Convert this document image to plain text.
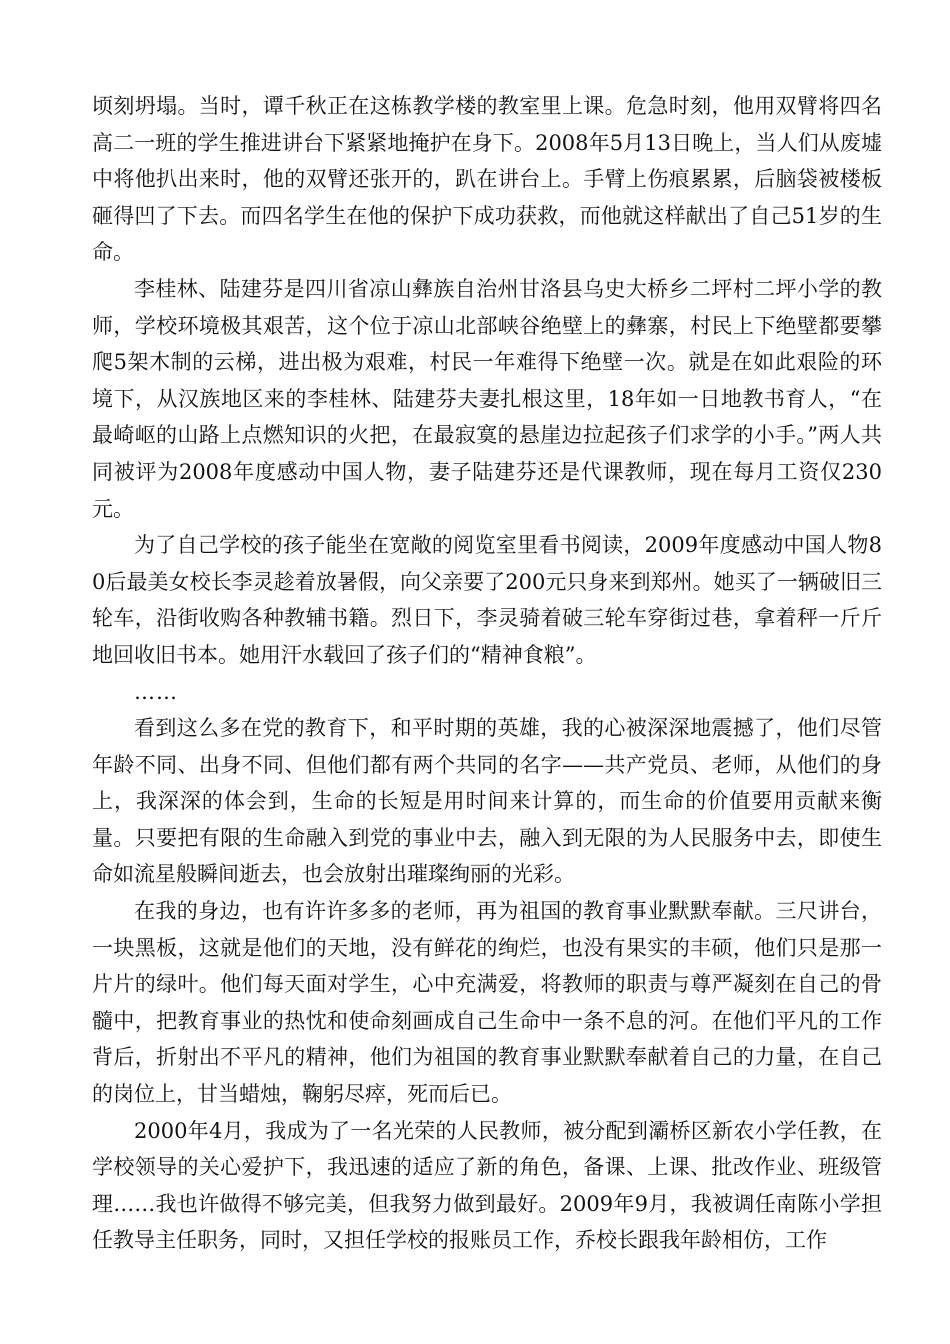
顷刻坍塌。当时，谭千秋正在这栋教学楼的教室里上课。危急时刻，他用双臂将四名高二一班的学生推进讲台下紧紧地掩护在身下。2008年5月13日晚上，当人们从废墟中将他扒出来时，他的双臂还张开的，趴在讲台上。手臂上伤痕累累，后脑袋被楼板砸得凹了下去。而四名学生在他的保护下成功获救，而他就这样献出了自己51岁的生命。

李桂林、陆建芬是四川省凉山彝族自治州甘洛县乌史大桥乡二坪村二坪小学的教师，学校环境极其艰苦，这个位于凉山北部峡谷绝壁上的彝寨，村民上下绝壁都要攀爬5架木制的云梯，进出极为艰难，村民一年难得下绝壁一次。就是在如此艰险的环境下，从汉族地区来的李桂林、陆建芬夫妻扎根这里，18年如一日地教书育人，“在最崎岖的山路上点燃知识的火把，在最寂寞的悬崖边拉起孩子们求学的小手。”两人共同被评为2008年度感动中国人物，妻子陆建芬还是代课教师，现在每月工资仅230元。

为了自己学校的孩子能坐在宽敞的阅览室里看书阅读，2009年度感动中国人物80后最美女校长李灵趁着放暑假，向父亲要了200元只身来到郑州。她买了一辆破旧三轮车，沿街收购各种教辅书籍。烈日下，李灵骑着破三轮车穿街过巷，拿着秤一斤斤地回收旧书本。她用汗水载回了孩子们的“精神食粮”。

……

看到这么多在党的教育下，和平时期的英雄，我的心被深深地震撼了，他们尽管年龄不同、出身不同、但他们都有两个共同的名字——共产党员、老师，从他们的身上，我深深的体会到，生命的长短是用时间来计算的，而生命的价值要用贡献来衡量。只要把有限的生命融入到党的事业中去，融入到无限的为人民服务中去，即使生命如流星般瞬间逝去，也会放射出璀璨绚丽的光彩。

在我的身边，也有许许多多的老师，再为祖国的教育事业默默奉献。三尺讲台，一块黑板，这就是他们的天地，没有鲜花的绚烂，也没有果实的丰硕，他们只是那一片片的绿叶。他们每天面对学生，心中充满爱，将教师的职责与尊严凝刻在自己的骨髓中，把教育事业的热忱和使命刻画成自己生命中一条不息的河。在他们平凡的工作背后，折射出不平凡的精神，他们为祖国的教育事业默默奉献着自己的力量，在自己的岗位上，甘当蜡烛，鞠躬尽瘁，死而后已。

2000年4月，我成为了一名光荣的人民教师，被分配到灞桥区新农小学任教，在学校领导的关心爱护下，我迅速的适应了新的角色，备课、上课、批改作业、班级管理……我也许做得不够完美，但我努力做到最好。2009年9月，我被调任南陈小学担任教导主任职务，同时，又担任学校的报账员工作，乔校长跟我年龄相仿，工作
